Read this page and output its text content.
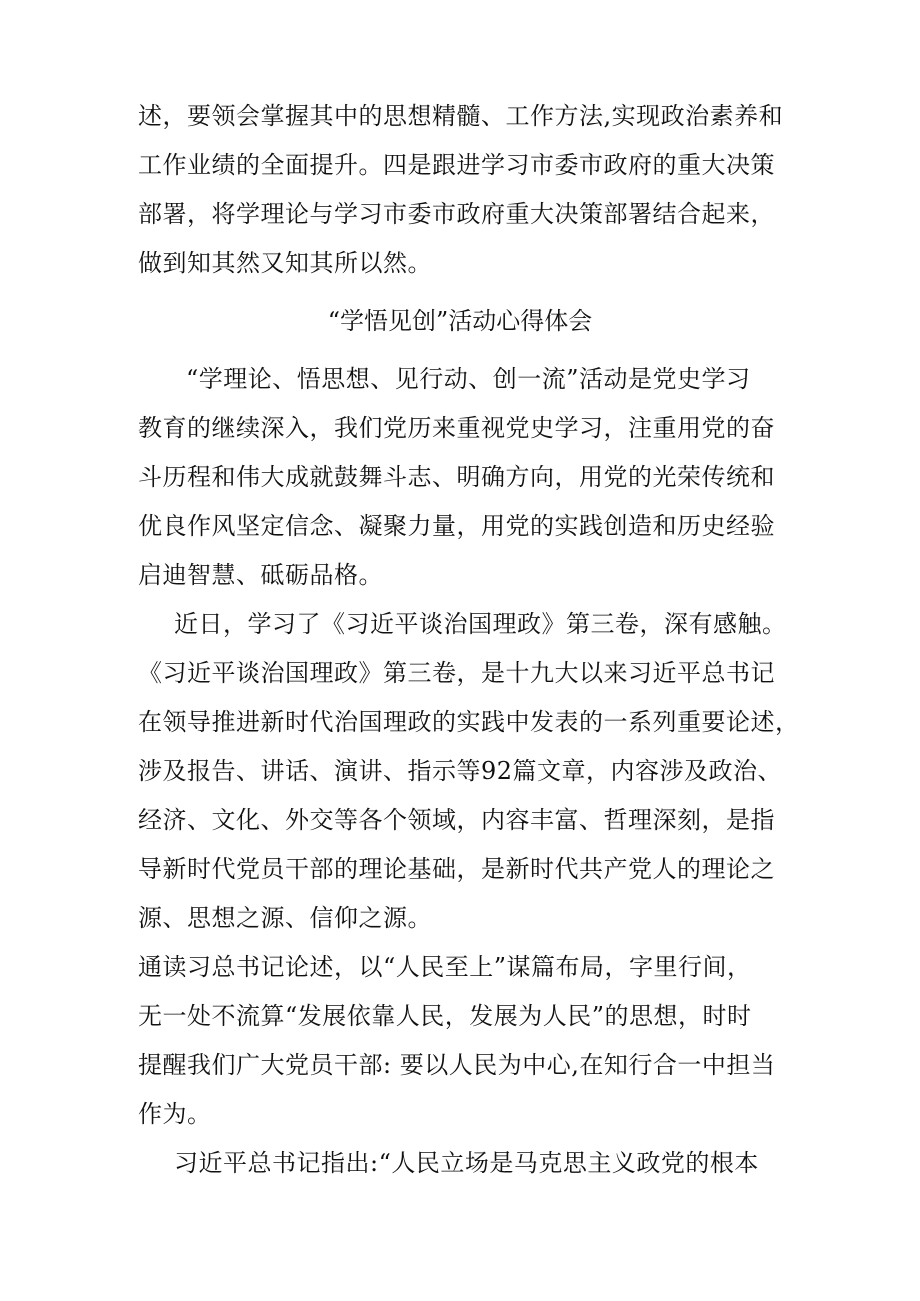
述，要领会掌握其中的思想精髓、工作方法,实现政治素养和
工作业绩的全面提升。四是跟进学习市委市政府的重大决策
部署，将学理论与学习市委市政府重大决策部署结合起来，
做到知其然又知其所以然。
“学悟见创”活动心得体会
“学理论、悟思想、见行动、创一流”活动是党史学习
教育的继续深入，我们党历来重视党史学习，注重用党的奋
斗历程和伟大成就鼓舞斗志、明确方向，用党的光荣传统和
优良作风坚定信念、凝聚力量，用党的实践创造和历史经验
启迪智慧、砥砺品格。
近日，学习了《习近平谈治国理政》第三卷，深有感触。
《习近平谈治国理政》第三卷，是十九大以来习近平总书记
在领导推进新时代治国理政的实践中发表的一系列重要论述，
涉及报告、讲话、演讲、指示等92篇文章，内容涉及政治、
经济、文化、外交等各个领域，内容丰富、哲理深刻，是指
导新时代党员干部的理论基础，是新时代共产党人的理论之
源、思想之源、信仰之源。
通读习总书记论述，以“人民至上”谋篇布局，字里行间，
无一处不流算“发展依靠人民，发展为人民”的思想，时时
提醒我们广大党员干部: 要以人民为中心,在知行合一中担当
作为。
习近平总书记指出:“人民立场是马克思主义政党的根本
